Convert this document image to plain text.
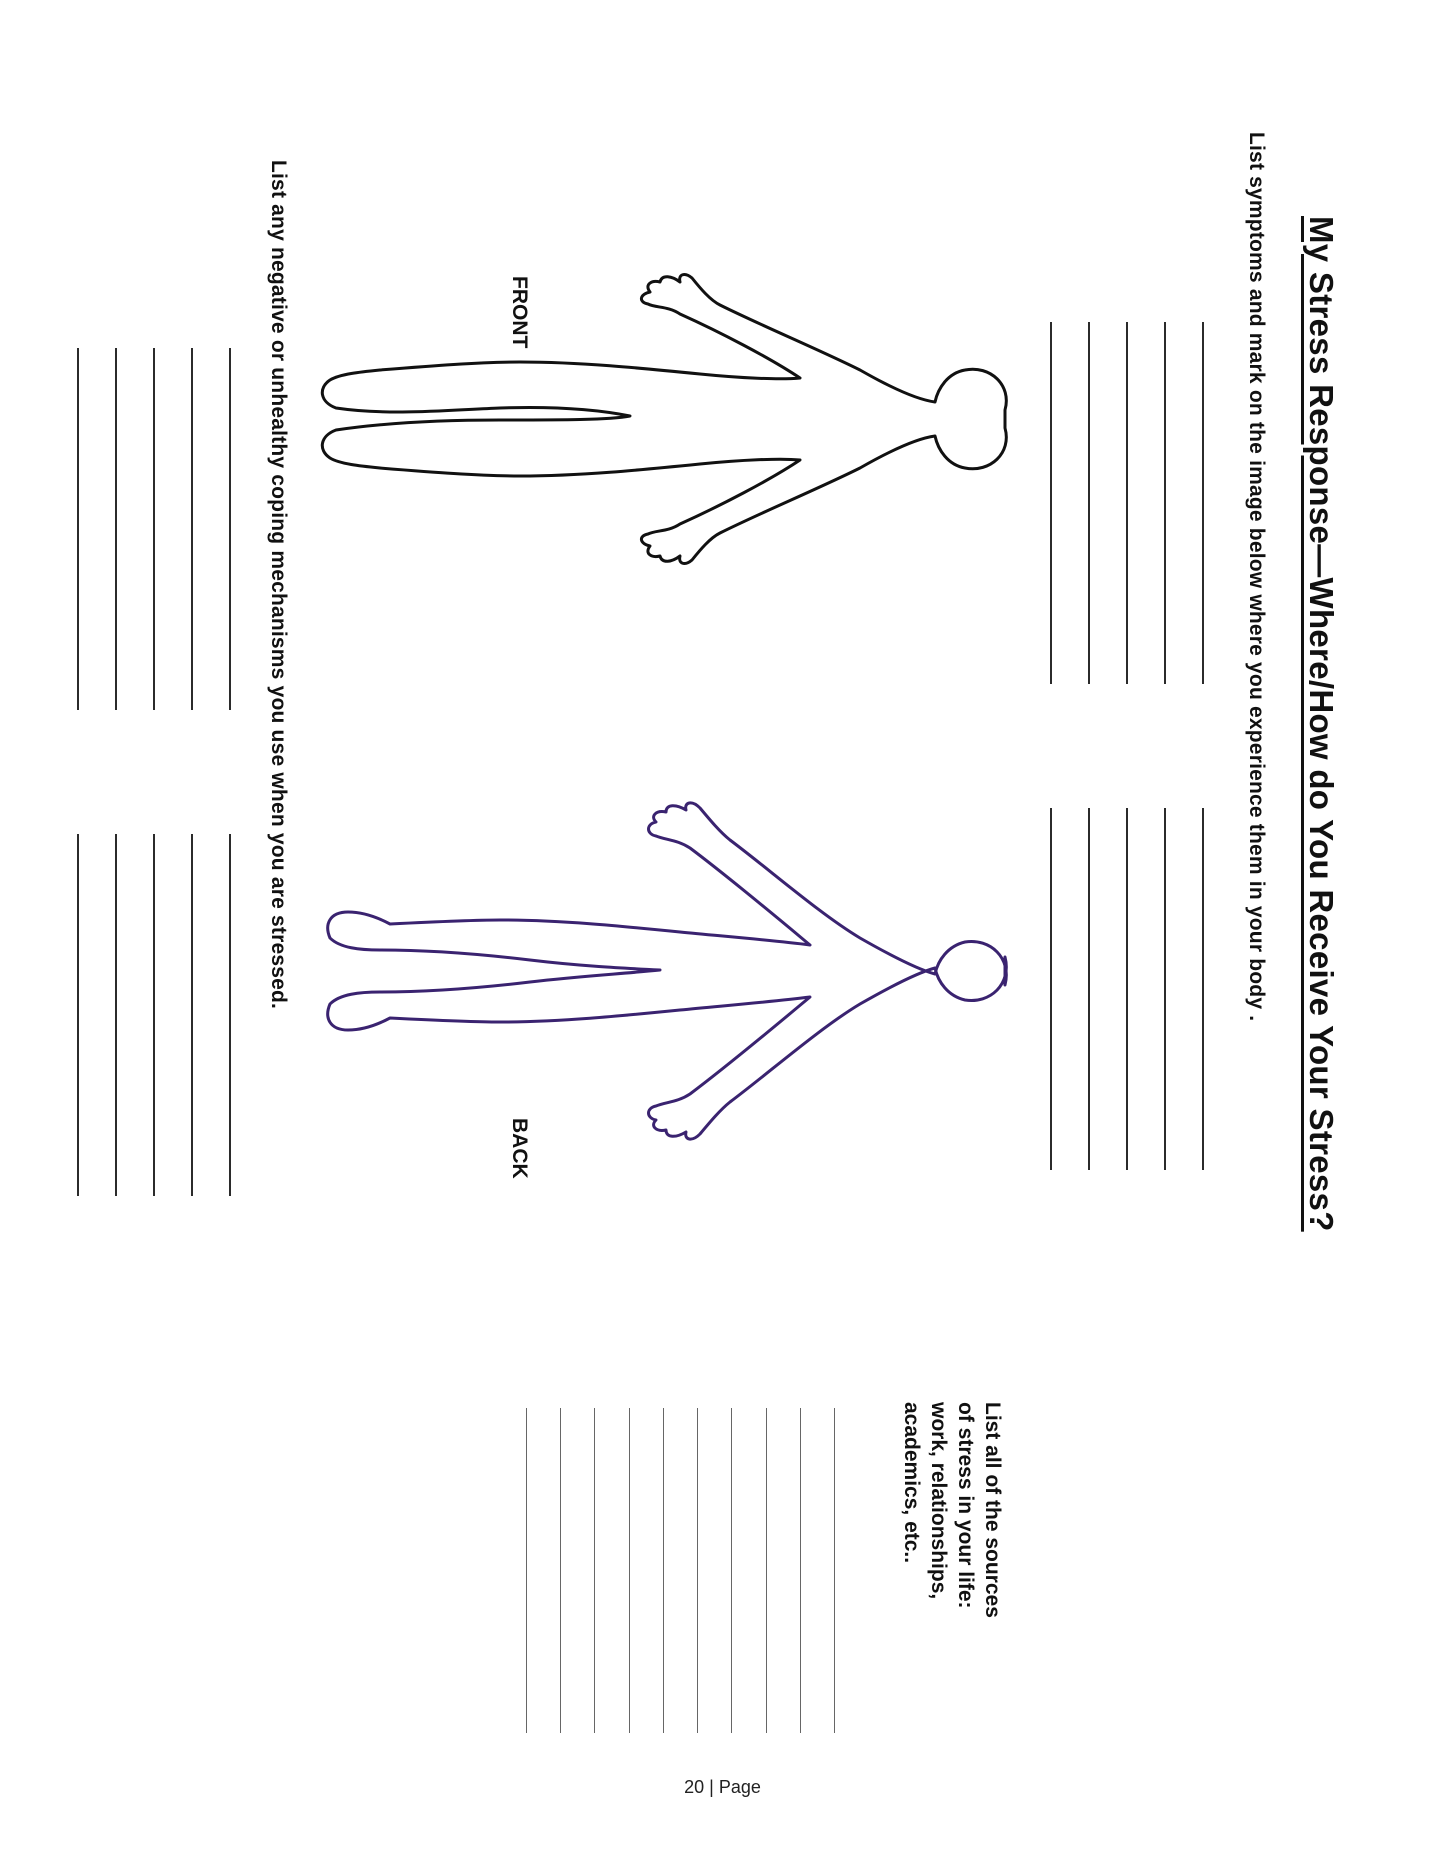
My Stress Response—Where/How do You Receive Your Stress?
List symptoms and mark on the image below where you experience them in your body .
FRONT
BACK
List all of the sources
of stress in your life:
work, relationships,
academics, etc..
List any negative or unhealthy coping mechanisms you use when you are stressed.
20 | Page
